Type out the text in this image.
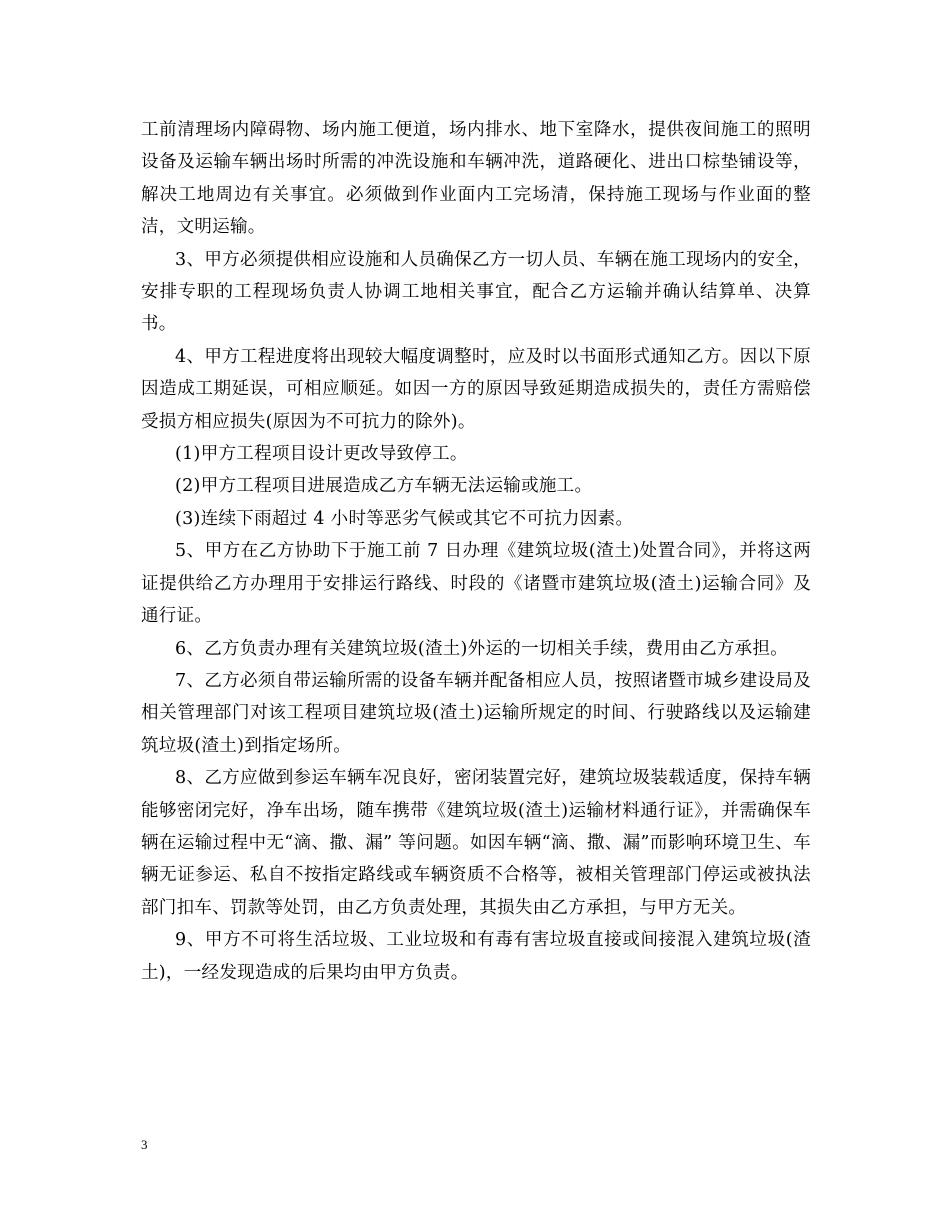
工前清理场内障碍物、场内施工便道，场内排水、地下室降水，提供夜间施工的照明设备及运输车辆出场时所需的冲洗设施和车辆冲洗，道路硬化、进出口棕垫铺设等，解决工地周边有关事宜。必须做到作业面内工完场清，保持施工现场与作业面的整洁，文明运输。

3、甲方必须提供相应设施和人员确保乙方一切人员、车辆在施工现场内的安全，安排专职的工程现场负责人协调工地相关事宜，配合乙方运输并确认结算单、决算书。

4、甲方工程进度将出现较大幅度调整时，应及时以书面形式通知乙方。因以下原因造成工期延误，可相应顺延。如因一方的原因导致延期造成损失的，责任方需赔偿受损方相应损失(原因为不可抗力的除外)。

(1)甲方工程项目设计更改导致停工。

(2)甲方工程项目进展造成乙方车辆无法运输或施工。

(3)连续下雨超过 4 小时等恶劣气候或其它不可抗力因素。

5、甲方在乙方协助下于施工前 7 日办理《建筑垃圾(渣土)处置合同》，并将这两证提供给乙方办理用于安排运行路线、时段的《诸暨市建筑垃圾(渣土)运输合同》及通行证。

6、乙方负责办理有关建筑垃圾(渣土)外运的一切相关手续，费用由乙方承担。

7、乙方必须自带运输所需的设备车辆并配备相应人员，按照诸暨市城乡建设局及相关管理部门对该工程项目建筑垃圾(渣土)运输所规定的时间、行驶路线以及运输建筑垃圾(渣土)到指定场所。

8、乙方应做到参运车辆车况良好，密闭装置完好，建筑垃圾装载适度，保持车辆能够密闭完好，净车出场，随车携带《建筑垃圾(渣土)运输材料通行证》，并需确保车辆在运输过程中无“滴、撒、漏” 等问题。如因车辆“滴、撒、漏”而影响环境卫生、车辆无证参运、私自不按指定路线或车辆资质不合格等，被相关管理部门停运或被执法部门扣车、罚款等处罚，由乙方负责处理，其损失由乙方承担，与甲方无关。

9、甲方不可将生活垃圾、工业垃圾和有毒有害垃圾直接或间接混入建筑垃圾(渣土)，一经发现造成的后果均由甲方负责。

3
